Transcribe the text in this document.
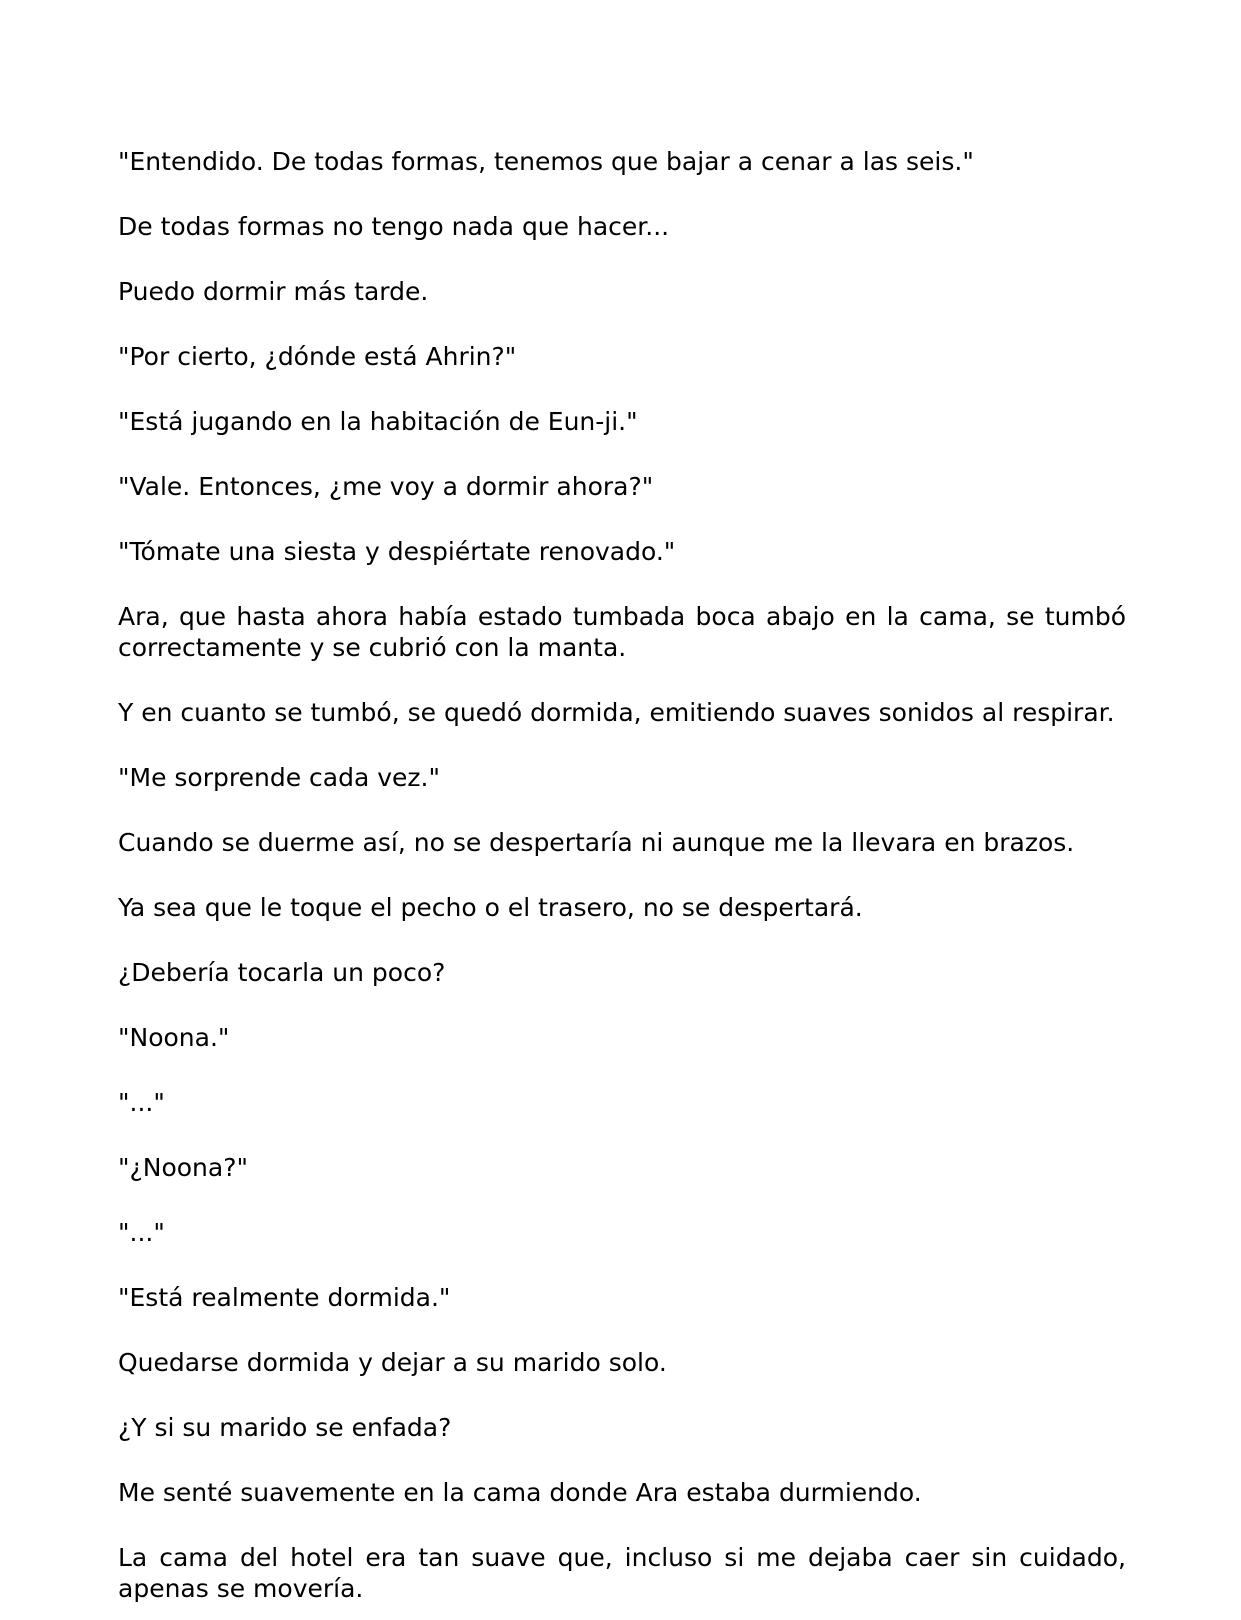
"Entendido. De todas formas, tenemos que bajar a cenar a las seis."

De todas formas no tengo nada que hacer...

Puedo dormir más tarde.

"Por cierto, ¿dónde está Ahrin?"

"Está jugando en la habitación de Eun-ji."

"Vale. Entonces, ¿me voy a dormir ahora?"

"Tómate una siesta y despiértate renovado."

Ara, que hasta ahora había estado tumbada boca abajo en la cama, se tumbó correctamente y se cubrió con la manta.

Y en cuanto se tumbó, se quedó dormida, emitiendo suaves sonidos al respirar.

"Me sorprende cada vez."

Cuando se duerme así, no se despertaría ni aunque me la llevara en brazos.

Ya sea que le toque el pecho o el trasero, no se despertará.

¿Debería tocarla un poco?

"Noona."

"..."

"¿Noona?"

"..."

"Está realmente dormida."

Quedarse dormida y dejar a su marido solo.

¿Y si su marido se enfada?

Me senté suavemente en la cama donde Ara estaba durmiendo.

La cama del hotel era tan suave que, incluso si me dejaba caer sin cuidado, apenas se movería.
